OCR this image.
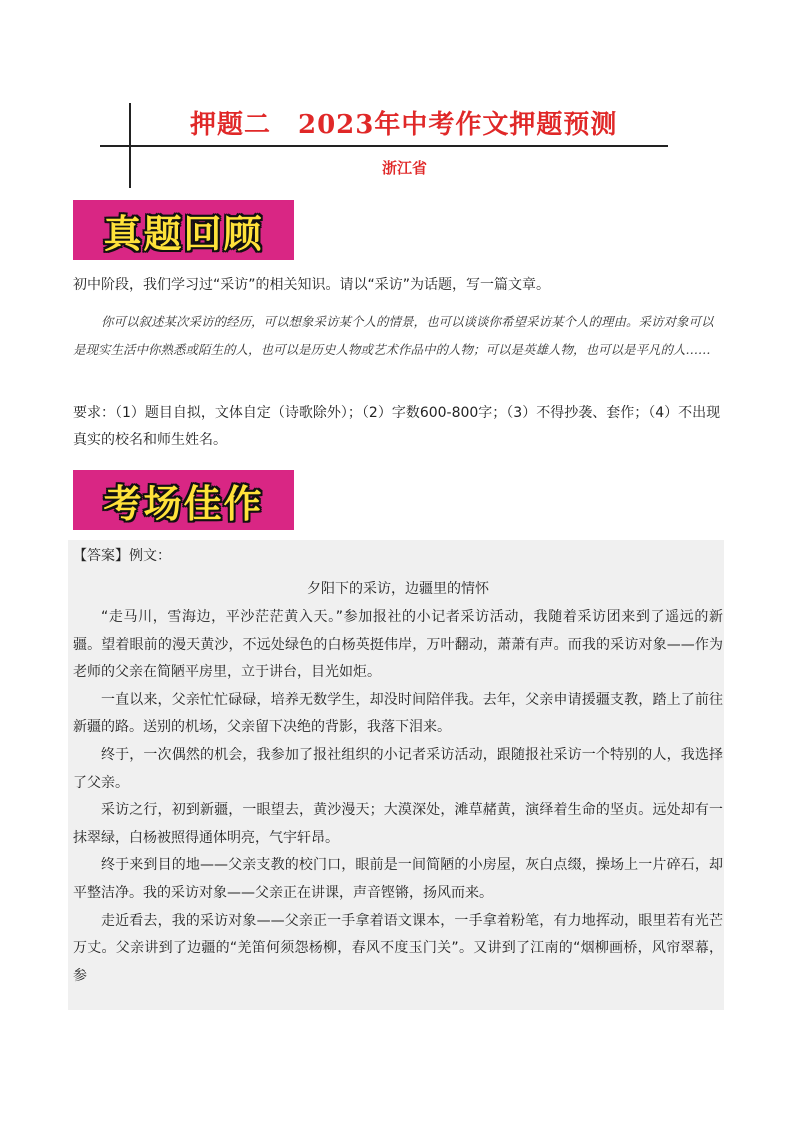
押题二　2023年中考作文押题预测
浙江省
真题回顾
初中阶段，我们学习过“采访”的相关知识。请以“采访”为话题，写一篇文章。
你可以叙述某次采访的经历，可以想象采访某个人的情景，也可以谈谈你希望采访某个人的理由。采访对象可以是现实生活中你熟悉或陌生的人，也可以是历史人物或艺术作品中的人物；可以是英雄人物，也可以是平凡的人……
要求：（1）题目自拟，文体自定（诗歌除外）；（2）字数600-800字；（3）不得抄袭、套作；（4）不出现真实的校名和师生姓名。
考场佳作
【答案】例文：
夕阳下的采访，边疆里的情怀

“走马川，雪海边，平沙茫茫黄入天。”参加报社的小记者采访活动，我随着采访团来到了遥远的新疆。望着眼前的漫天黄沙，不远处绿色的白杨英挺伟岸，万叶翻动，萧萧有声。而我的采访对象——作为老师的父亲在简陋平房里，立于讲台，目光如炬。

一直以来，父亲忙忙碌碌，培养无数学生，却没时间陪伴我。去年，父亲申请援疆支教，踏上了前往新疆的路。送别的机场，父亲留下决绝的背影，我落下泪来。

终于，一次偶然的机会，我参加了报社组织的小记者采访活动，跟随报社采访一个特别的人，我选择了父亲。

采访之行，初到新疆，一眼望去，黄沙漫天；大漠深处，滩草赭黄，演绎着生命的坚贞。远处却有一抹翠绿，白杨被照得通体明亮，气宇轩昂。

终于来到目的地——父亲支教的校门口，眼前是一间简陋的小房屋，灰白点缀，操场上一片碎石，却平整洁净。我的采访对象——父亲正在讲课，声音铿锵，扬风而来。

走近看去，我的采访对象——父亲正一手拿着语文课本，一手拿着粉笔，有力地挥动，眼里若有光芒万丈。父亲讲到了边疆的“羌笛何须怨杨柳，春风不度玉门关”。又讲到了江南的“烟柳画桥，风帘翠幕，参
